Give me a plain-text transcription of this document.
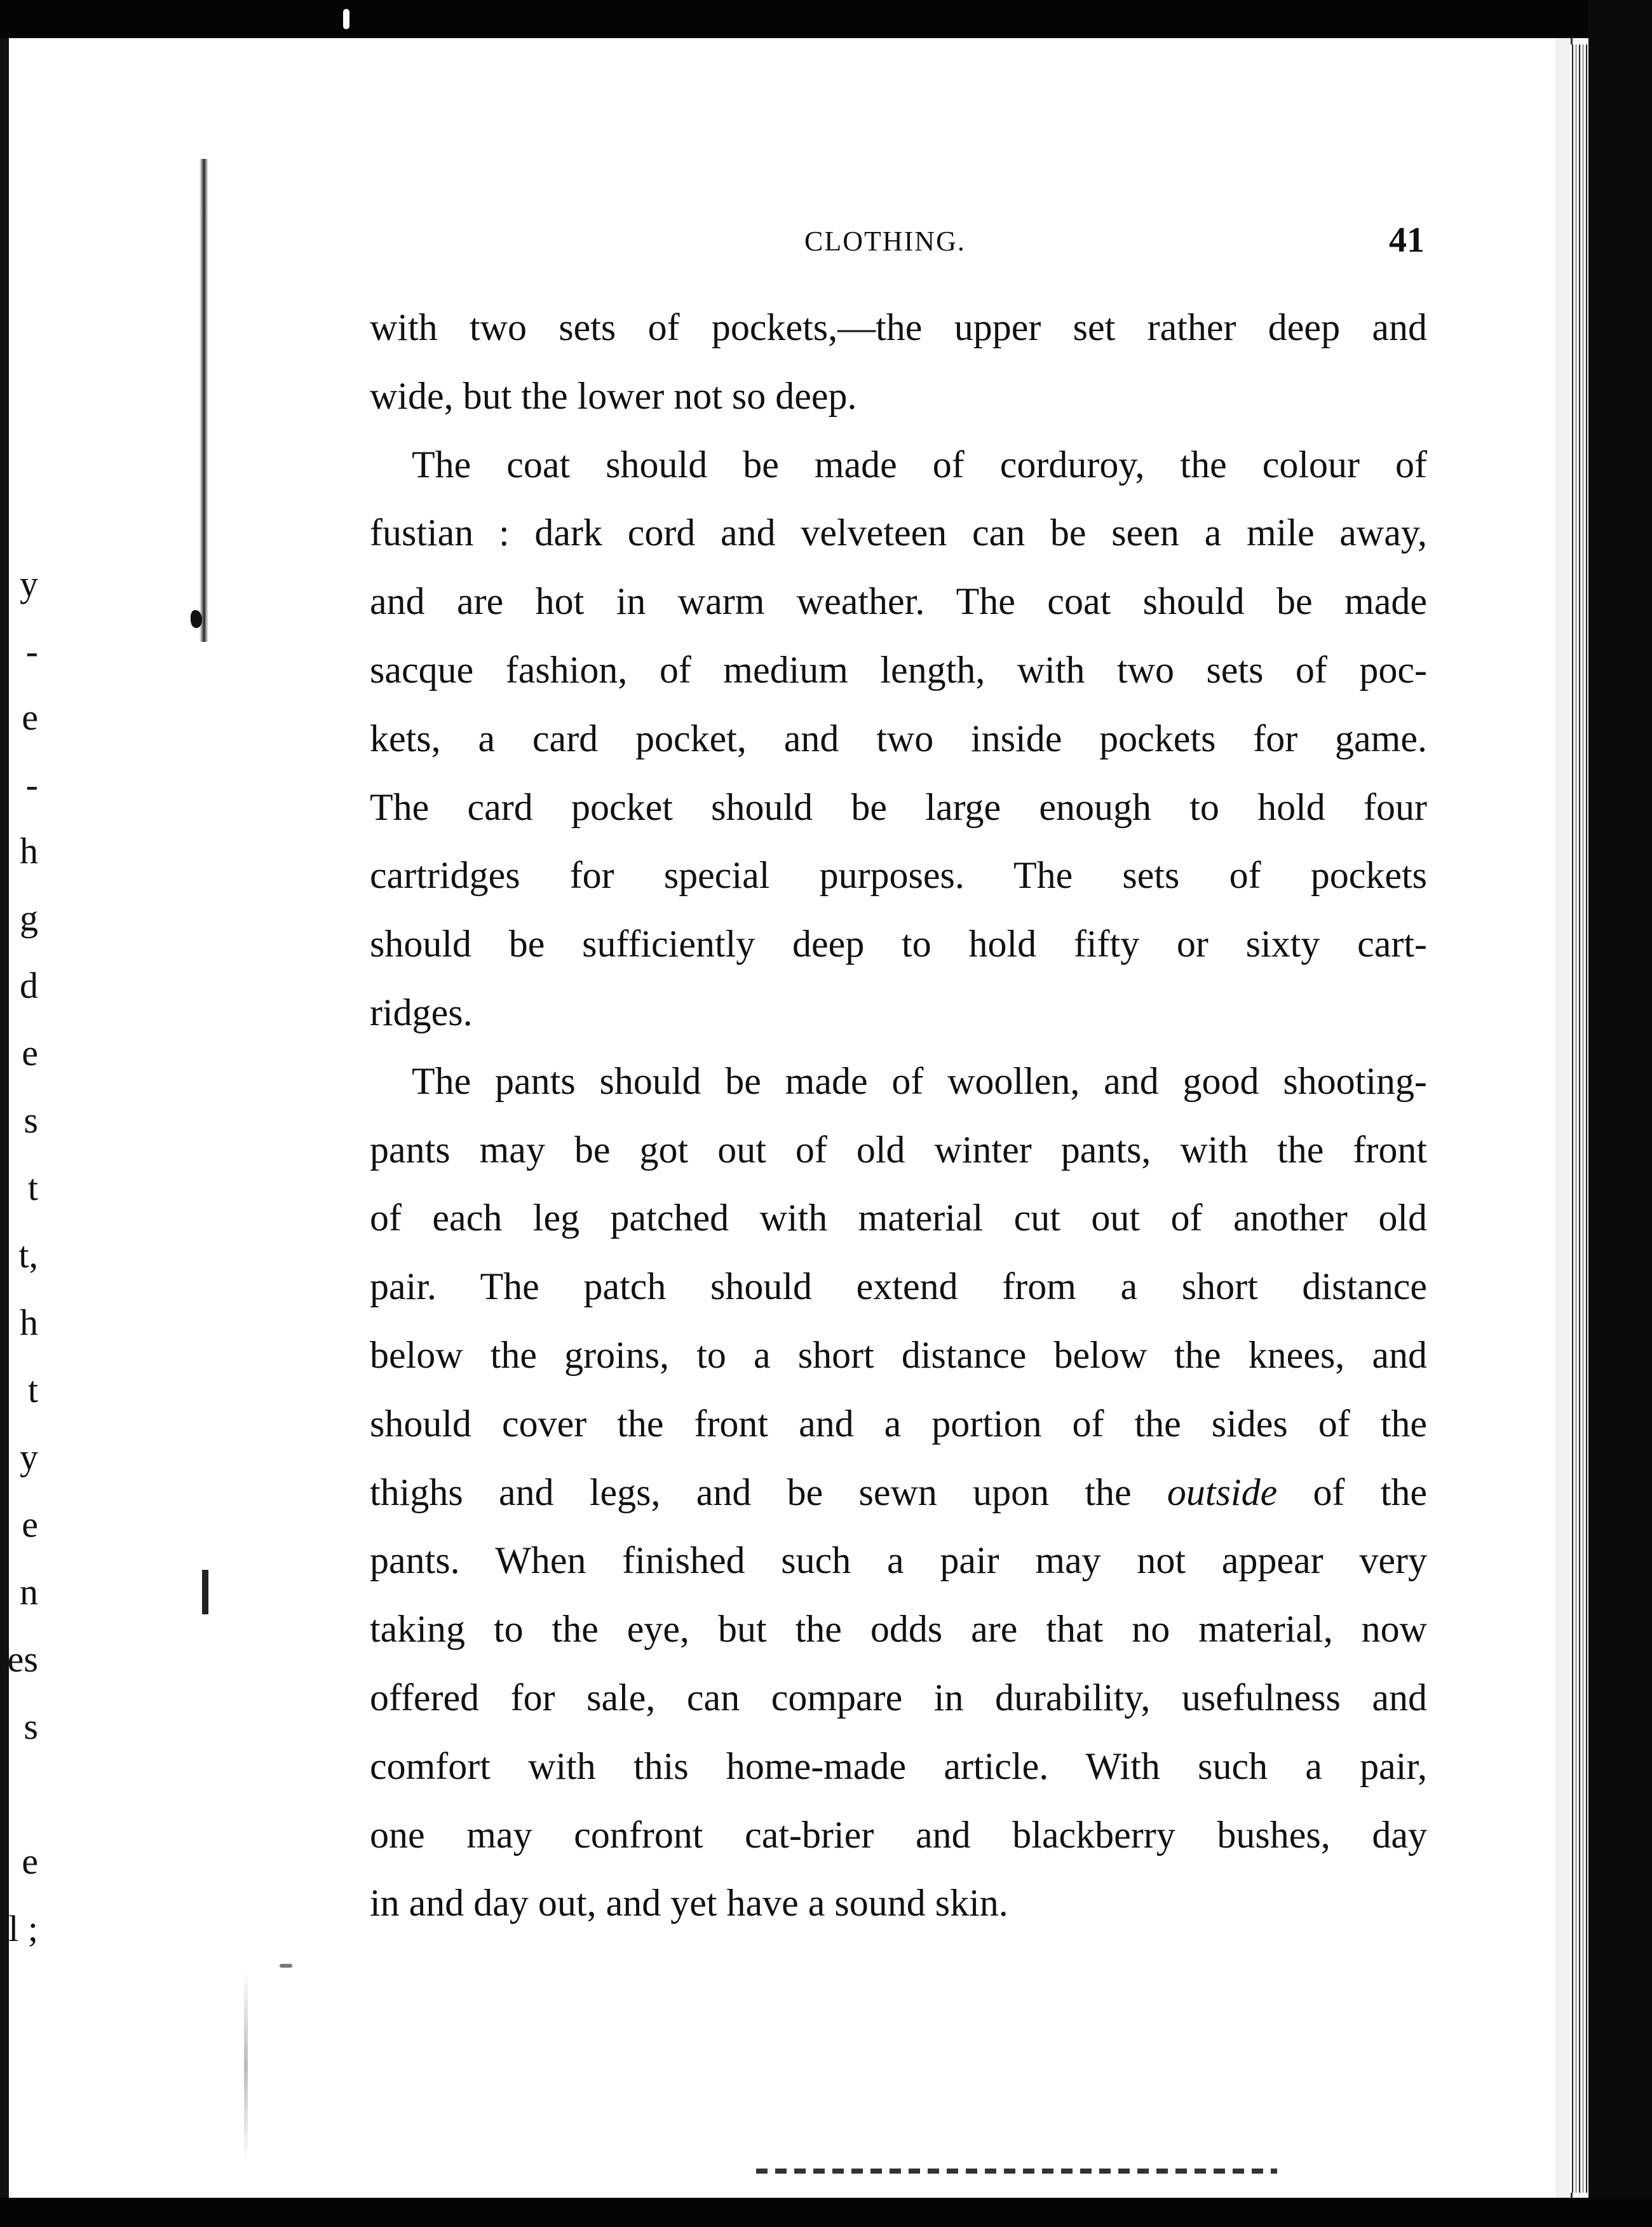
y
-
e
-
h
g
d
e
s
t
t,
h
t
y
e
n
es
s
e
l ;
CLOTHING.	41
with two sets of pockets,—the upper set rather deep and
wide, but the lower not so deep.
The coat should be made of corduroy, the colour of
fustian : dark cord and velveteen can be seen a mile away,
and are hot in warm weather. The coat should be made
sacque fashion, of medium length, with two sets of poc-
kets, a card pocket, and two inside pockets for game.
The card pocket should be large enough to hold four
cartridges for special purposes. The sets of pockets
should be sufficiently deep to hold fifty or sixty cart-
ridges.
The pants should be made of woollen, and good shooting-
pants may be got out of old winter pants, with the front
of each leg patched with material cut out of another old
pair. The patch should extend from a short distance
below the groins, to a short distance below the knees, and
should cover the front and a portion of the sides of the
thighs and legs, and be sewn upon the outside of the
pants. When finished such a pair may not appear very
taking to the eye, but the odds are that no material, now
offered for sale, can compare in durability, usefulness and
comfort with this home-made article. With such a pair,
one may confront cat-brier and blackberry bushes, day
in and day out, and yet have a sound skin.
